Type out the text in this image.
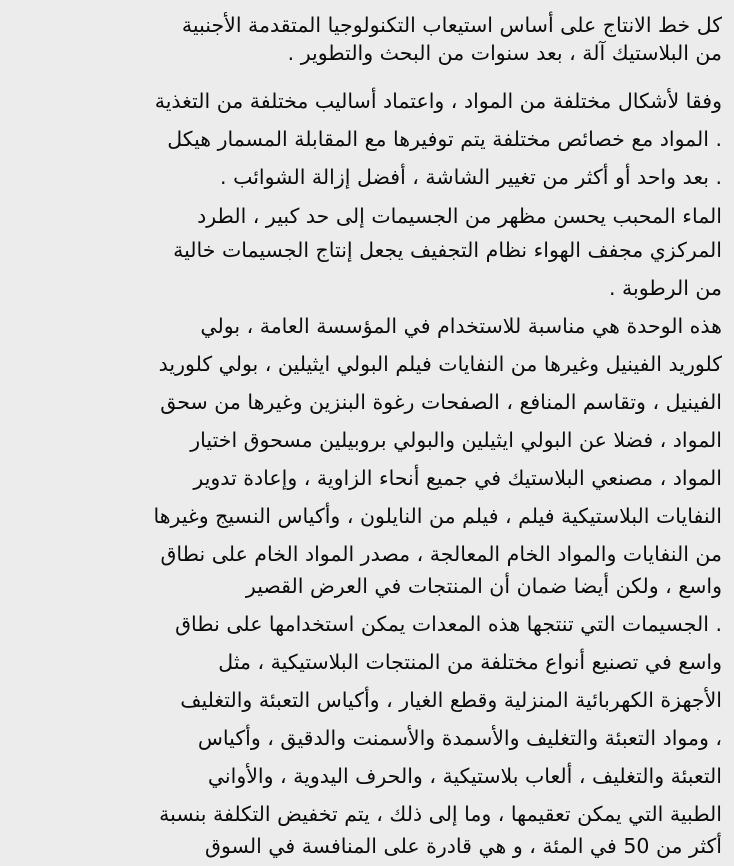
كل خط الانتاج على أساس استيعاب التكنولوجيا المتقدمة الأجنبية
من البلاستيك آلة ، بعد سنوات من البحث والتطوير .
وفقا لأشكال مختلفة من المواد ، واعتماد أساليب مختلفة من التغذية
. المواد مع خصائص مختلفة يتم توفيرها مع المقابلة المسمار هيكل
. بعد واحد أو أكثر من تغيير الشاشة ، أفضل إزالة الشوائب .
الماء المحبب يحسن مظهر من الجسيمات إلى حد كبير ، الطرد
المركزي مجفف الهواء نظام التجفيف يجعل إنتاج الجسيمات خالية
من الرطوبة .
هذه الوحدة هي مناسبة للاستخدام في المؤسسة العامة ، بولي
كلوريد الفينيل وغيرها من النفايات فيلم البولي ايثيلين ، بولي كلوريد
الفينيل ، وتقاسم المنافع ، الصفحات رغوة البنزين وغيرها من سحق
المواد ، فضلا عن البولي ايثيلين والبولي بروبيلين مسحوق اختيار
المواد ، مصنعي البلاستيك في جميع أنحاء الزاوية ، وإعادة تدوير
النفايات البلاستيكية فيلم ، فيلم من النايلون ، وأكياس النسيج وغيرها
من النفايات والمواد الخام المعالجة ، مصدر المواد الخام على نطاق
واسع ، ولكن أيضا ضمان أن المنتجات في العرض القصير
. الجسيمات التي تنتجها هذه المعدات يمكن استخدامها على نطاق
واسع في تصنيع أنواع مختلفة من المنتجات البلاستيكية ، مثل
الأجهزة الكهربائية المنزلية وقطع الغيار ، وأكياس التعبئة والتغليف
، ومواد التعبئة والتغليف والأسمدة والأسمنت والدقيق ، وأكياس
التعبئة والتغليف ، ألعاب بلاستيكية ، والحرف اليدوية ، والأواني
الطبية التي يمكن تعقيمها ، وما إلى ذلك ، يتم تخفيض التكلفة بنسبة
أكثر من 50 في المئة ، و هي قادرة على المنافسة في السوق
